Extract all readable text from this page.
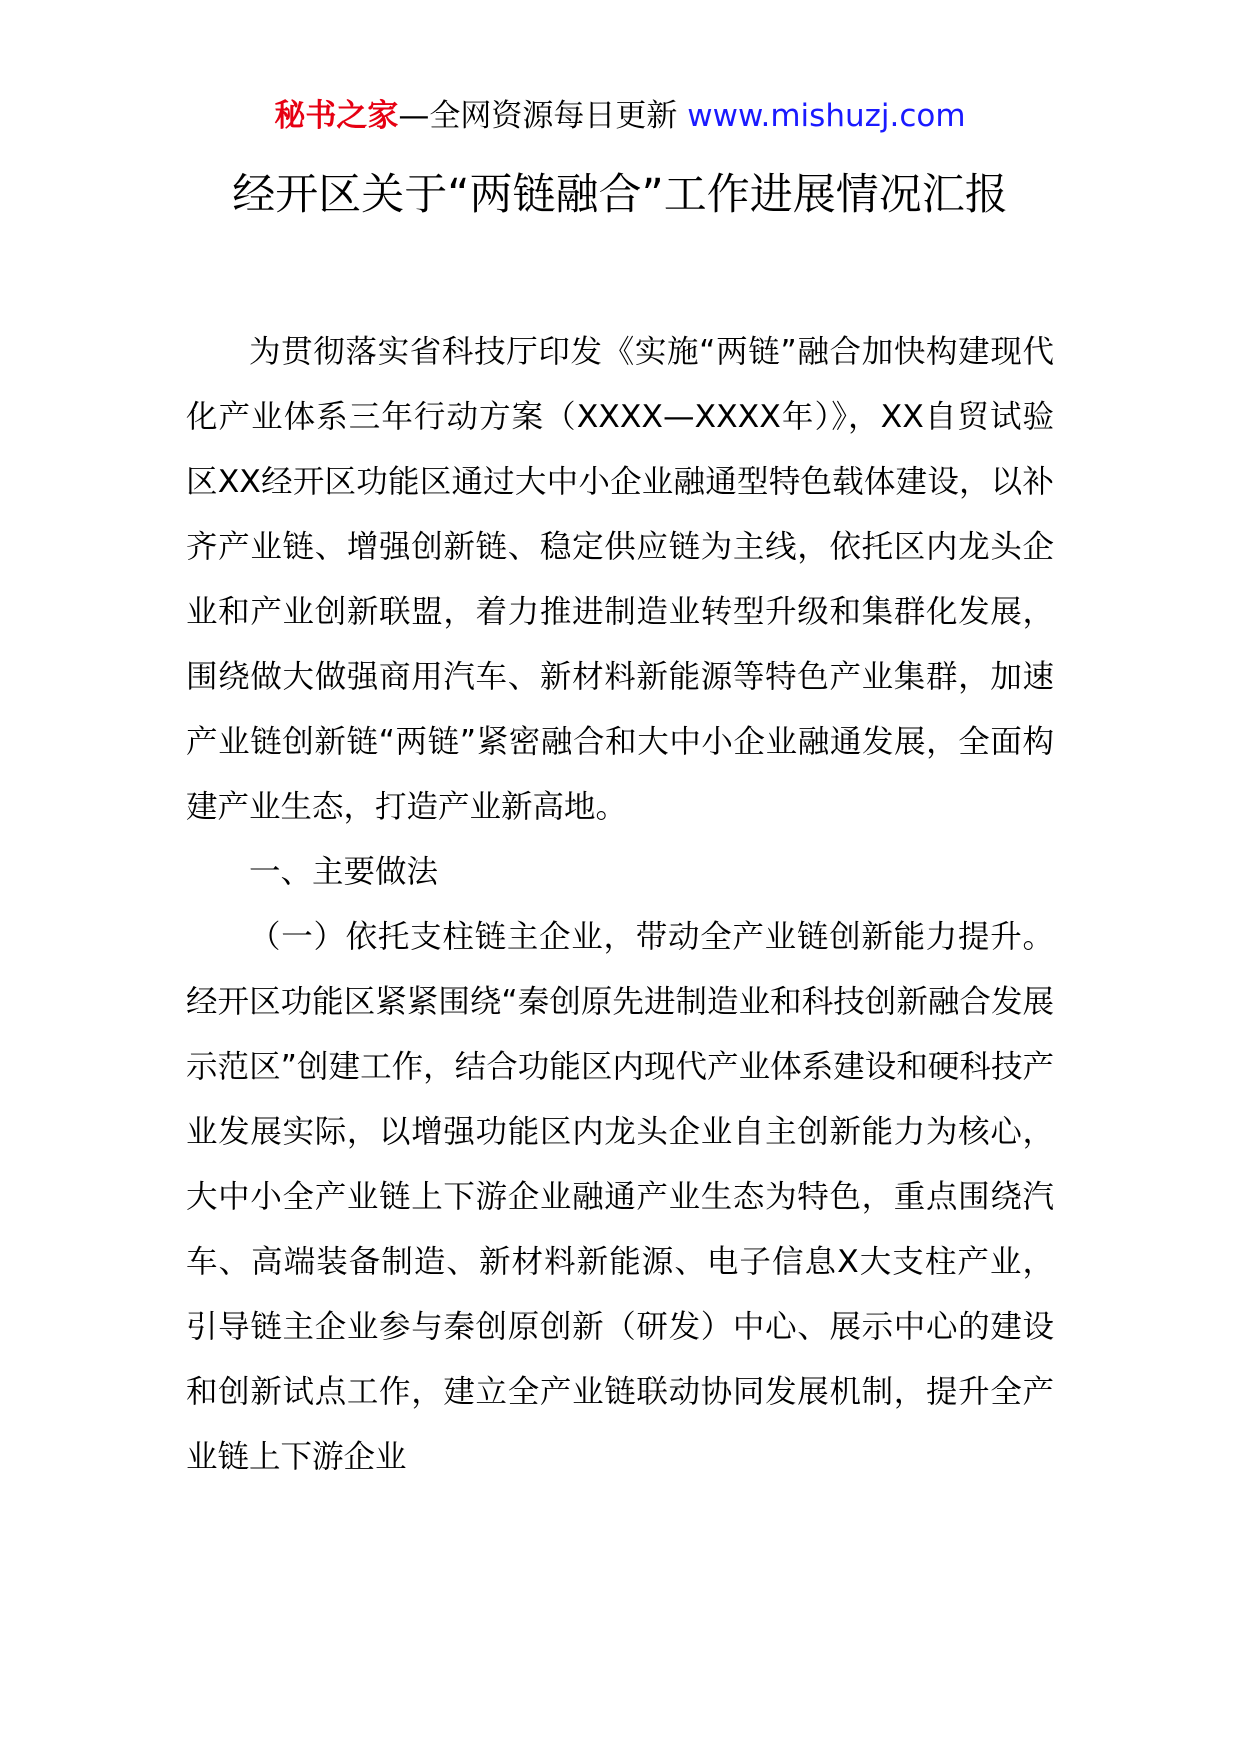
秘书之家—全网资源每日更新 www.mishuzj.com
经开区关于“两链融合”工作进展情况汇报

为贯彻落实省科技厅印发《实施“两链”融合加快构建现代化产业体系三年行动方案（XXXX—XXXX年）》，XX自贸试验区XX经开区功能区通过大中小企业融通型特色载体建设，以补齐产业链、增强创新链、稳定供应链为主线，依托区内龙头企业和产业创新联盟，着力推进制造业转型升级和集群化发展，围绕做大做强商用汽车、新材料新能源等特色产业集群，加速产业链创新链“两链”紧密融合和大中小企业融通发展，全面构建产业生态，打造产业新高地。

一、主要做法

（一）依托支柱链主企业，带动全产业链创新能力提升。经开区功能区紧紧围绕“秦创原先进制造业和科技创新融合发展示范区”创建工作，结合功能区内现代产业体系建设和硬科技产业发展实际，以增强功能区内龙头企业自主创新能力为核心，大中小全产业链上下游企业融通产业生态为特色，重点围绕汽车、高端装备制造、新材料新能源、电子信息X大支柱产业，引导链主企业参与秦创原创新（研发）中心、展示中心的建设和创新试点工作，建立全产业链联动协同发展机制，提升全产业链上下游企业
